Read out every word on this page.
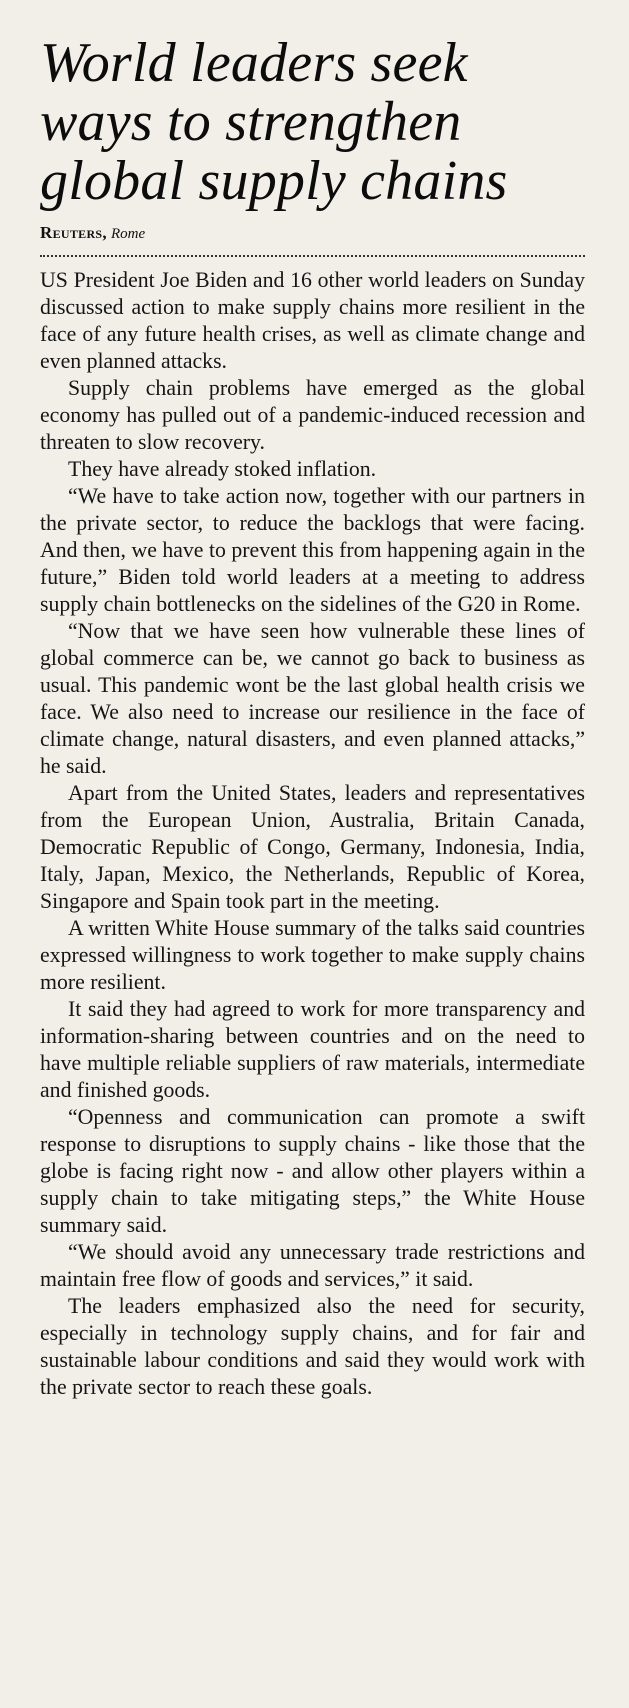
World leaders seek
ways to strengthen
global supply chains
Reuters, Rome

US President Joe Biden and 16 other world leaders on Sunday discussed action to make supply chains more resilient in the face of any future health crises, as well as climate change and even planned attacks.

Supply chain problems have emerged as the global economy has pulled out of a pandemic-induced recession and threaten to slow recovery.

They have already stoked inflation.

“We have to take action now, together with our partners in the private sector, to reduce the backlogs that were facing. And then, we have to prevent this from happening again in the future,” Biden told world leaders at a meeting to address supply chain bottlenecks on the sidelines of the G20 in Rome.

“Now that we have seen how vulnerable these lines of global commerce can be, we cannot go back to business as usual. This pandemic wont be the last global health crisis we face. We also need to increase our resilience in the face of climate change, natural disasters, and even planned attacks,” he said.

Apart from the United States, leaders and representatives from the European Union, Australia, Britain Canada, Democratic Republic of Congo, Germany, Indonesia, India, Italy, Japan, Mexico, the Netherlands, Republic of Korea, Singapore and Spain took part in the meeting.

A written White House summary of the talks said countries expressed willingness to work together to make supply chains more resilient.

It said they had agreed to work for more transparency and information-sharing between countries and on the need to have multiple reliable suppliers of raw materials, intermediate and finished goods.

“Openness and communication can promote a swift response to disruptions to supply chains - like those that the globe is facing right now - and allow other players within a supply chain to take mitigating steps,” the White House summary said.

“We should avoid any unnecessary trade restrictions and maintain free flow of goods and services,” it said.

The leaders emphasized also the need for security, especially in technology supply chains, and for fair and sustainable labour conditions and said they would work with the private sector to reach these goals.
